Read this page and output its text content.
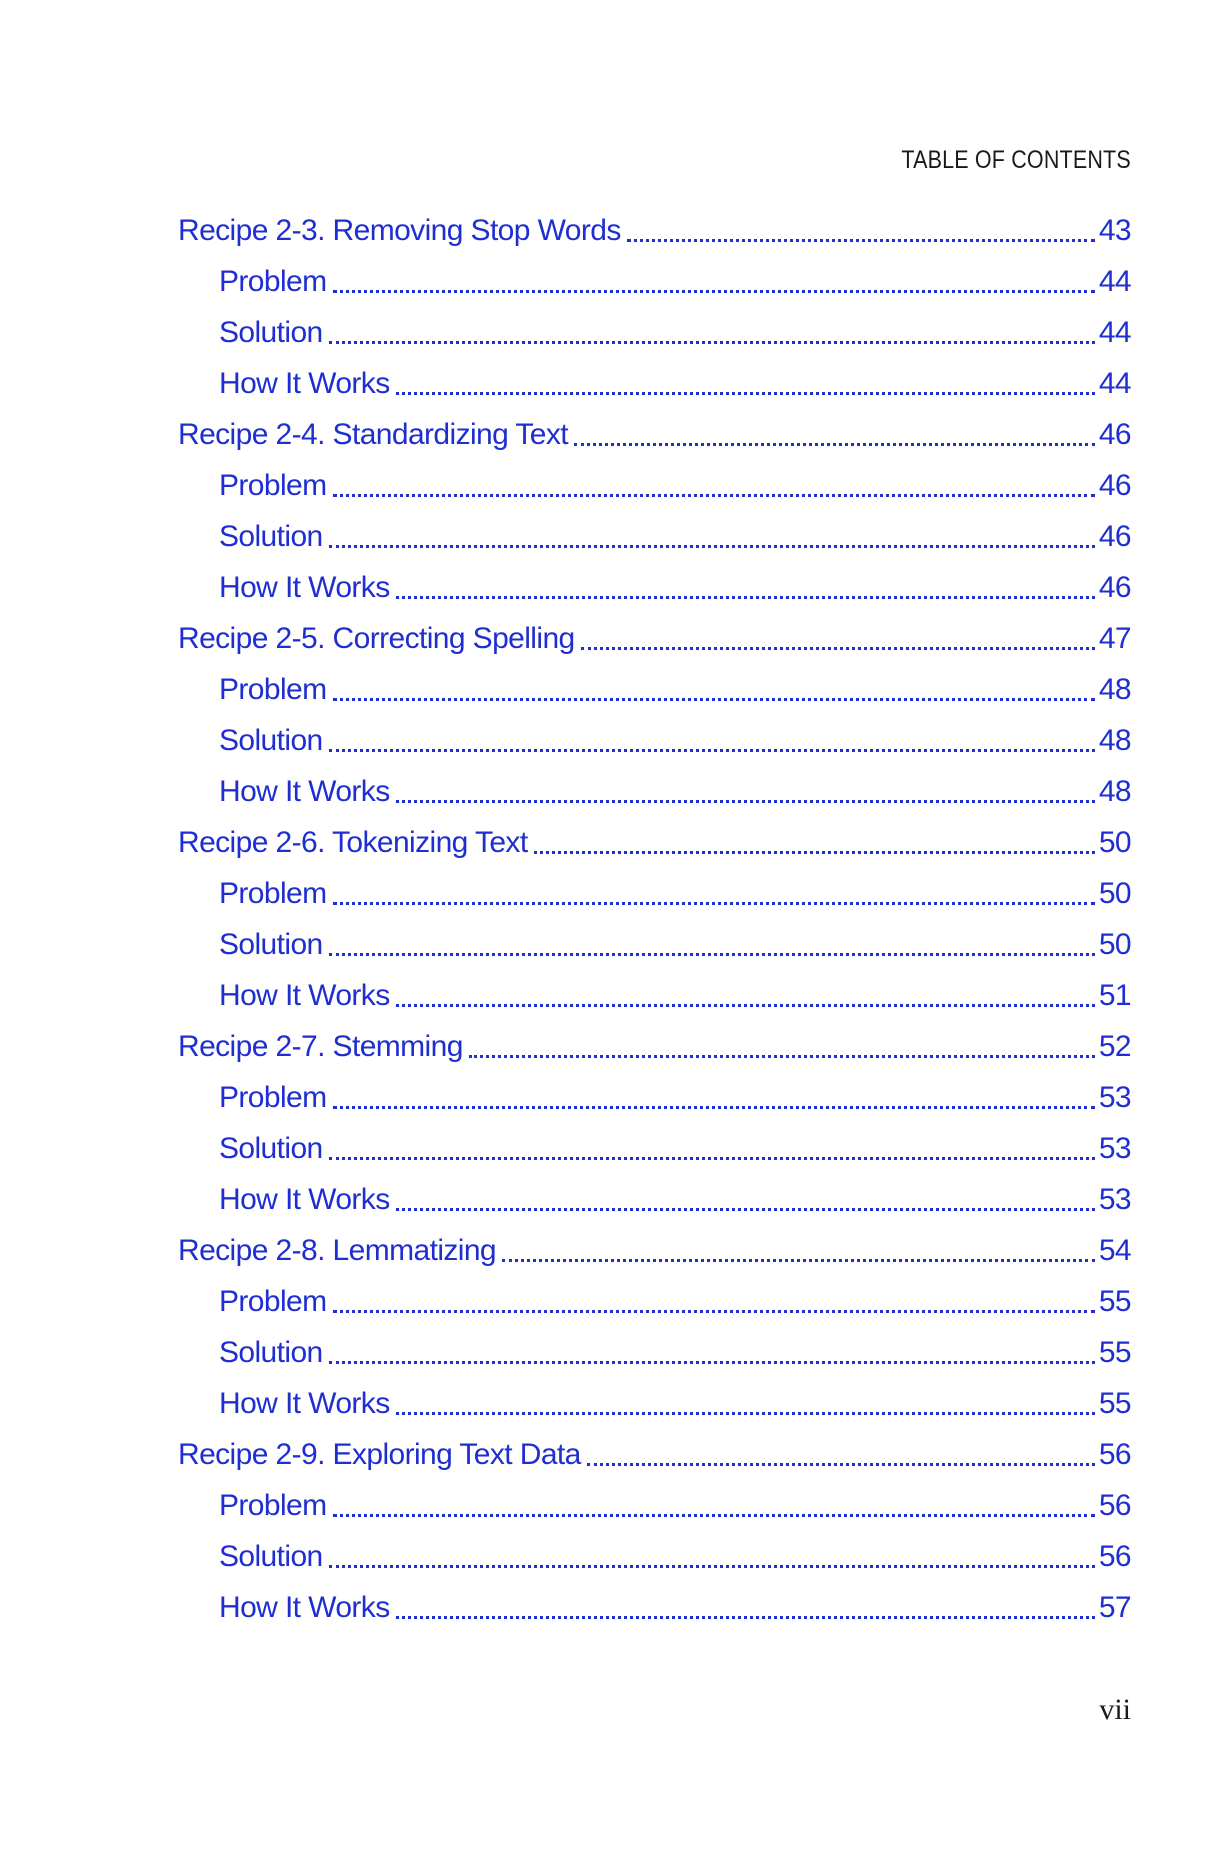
TABLE OF CONTENTS
Recipe 2-3. Removing Stop Words	43
Problem	44
Solution	44
How It Works	44
Recipe 2-4. Standardizing Text	46
Problem	46
Solution	46
How It Works	46
Recipe 2-5. Correcting Spelling	47
Problem	48
Solution	48
How It Works	48
Recipe 2-6. Tokenizing Text	50
Problem	50
Solution	50
How It Works	51
Recipe 2-7. Stemming	52
Problem	53
Solution	53
How It Works	53
Recipe 2-8. Lemmatizing	54
Problem	55
Solution	55
How It Works	55
Recipe 2-9. Exploring Text Data	56
Problem	56
Solution	56
How It Works	57
vii
